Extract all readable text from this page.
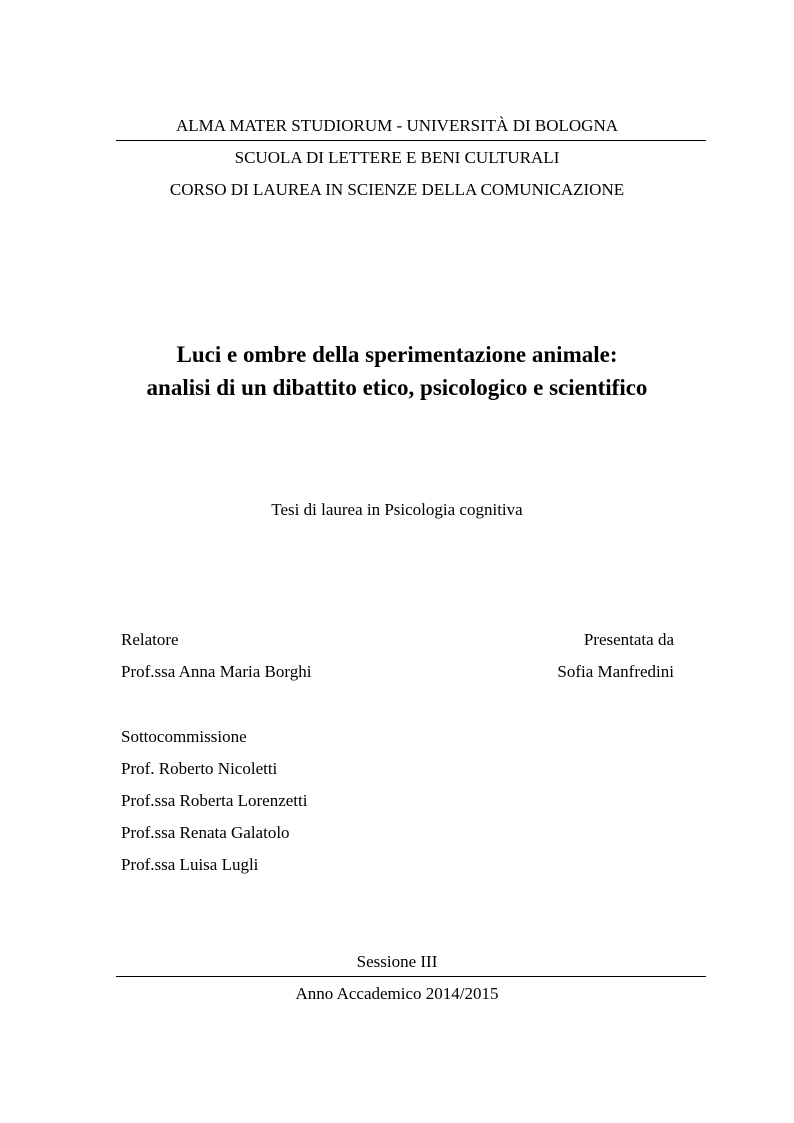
ALMA MATER STUDIORUM - UNIVERSITÀ DI BOLOGNA
SCUOLA DI LETTERE E BENI CULTURALI
CORSO DI LAUREA IN SCIENZE DELLA COMUNICAZIONE
Luci e ombre della sperimentazione animale:
analisi di un dibattito etico, psicologico e scientifico
Tesi di laurea in Psicologia cognitiva
Relatore
Prof.ssa Anna Maria Borghi
Presentata da
Sofia Manfredini
Sottocommissione
Prof. Roberto Nicoletti
Prof.ssa Roberta Lorenzetti
Prof.ssa Renata Galatolo
Prof.ssa Luisa Lugli
Sessione III
Anno Accademico 2014/2015
